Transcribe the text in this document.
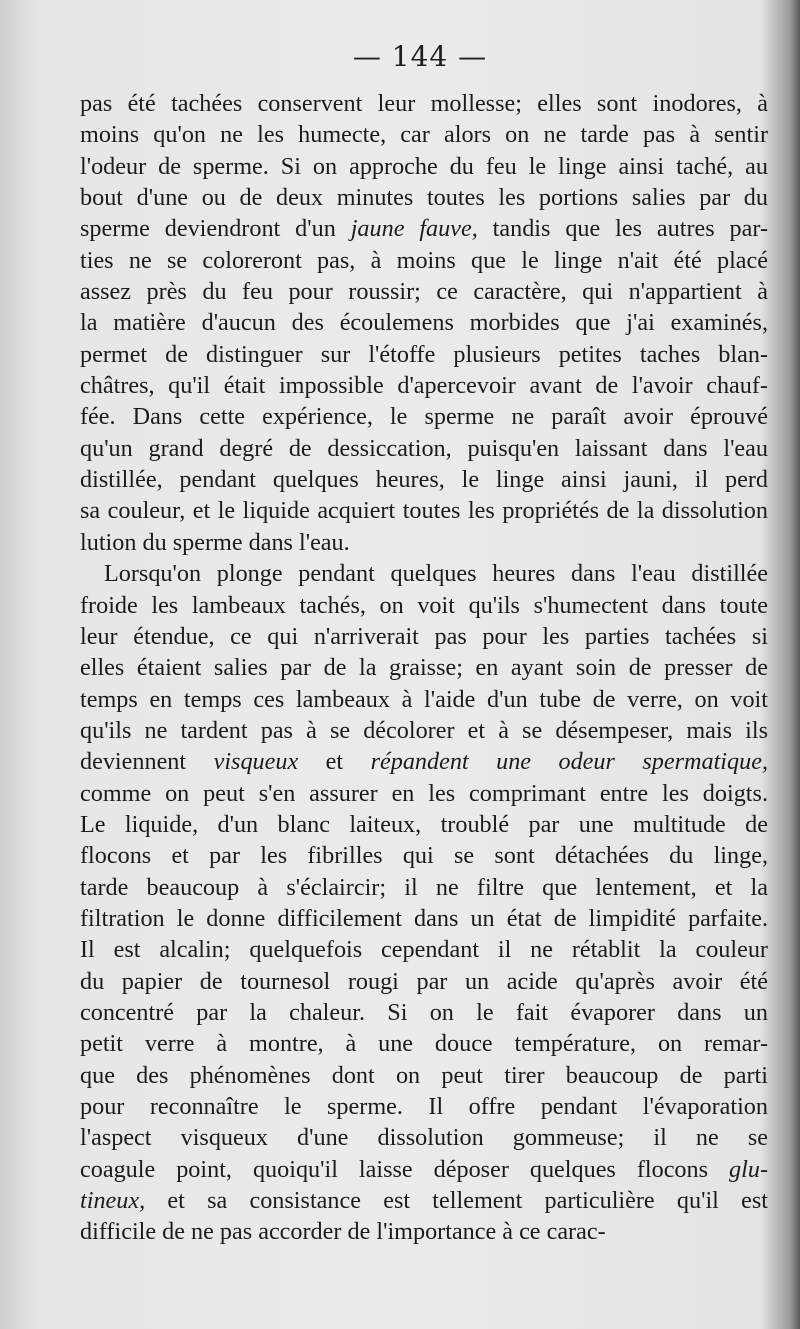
— 144 —
pas été tachées conservent leur mollesse; elles sont inodores, à
moins qu'on ne les humecte, car alors on ne tarde pas à sentir
l'odeur de sperme. Si on approche du feu le linge ainsi taché, au
bout d'une ou de deux minutes toutes les portions salies par du
sperme deviendront d'un jaune fauve, tandis que les autres par-
ties ne se coloreront pas, à moins que le linge n'ait été placé
assez près du feu pour roussir; ce caractère, qui n'appartient à
la matière d'aucun des écoulemens morbides que j'ai examinés,
permet de distinguer sur l'étoffe plusieurs petites taches blan-
châtres, qu'il était impossible d'apercevoir avant de l'avoir chauf-
fée. Dans cette expérience, le sperme ne paraît avoir éprouvé
qu'un grand degré de dessiccation, puisqu'en laissant dans l'eau
distillée, pendant quelques heures, le linge ainsi jauni, il perd
sa couleur, et le liquide acquiert toutes les propriétés de la dissolution
lution du sperme dans l'eau.
Lorsqu'on plonge pendant quelques heures dans l'eau distillée
froide les lambeaux tachés, on voit qu'ils s'humectent dans toute
leur étendue, ce qui n'arriverait pas pour les parties tachées si
elles étaient salies par de la graisse; en ayant soin de presser de
temps en temps ces lambeaux à l'aide d'un tube de verre, on voit
qu'ils ne tardent pas à se décolorer et à se désempeser, mais ils
deviennent visqueux et répandent une odeur spermatique,
comme on peut s'en assurer en les comprimant entre les doigts.
Le liquide, d'un blanc laiteux, troublé par une multitude de
flocons et par les fibrilles qui se sont détachées du linge,
tarde beaucoup à s'éclaircir; il ne filtre que lentement, et la
filtration le donne difficilement dans un état de limpidité parfaite.
Il est alcalin; quelquefois cependant il ne rétablit la couleur
du papier de tournesol rougi par un acide qu'après avoir été
concentré par la chaleur. Si on le fait évaporer dans un
petit verre à montre, à une douce température, on remar-
que des phénomènes dont on peut tirer beaucoup de parti
pour reconnaître le sperme. Il offre pendant l'évaporation
l'aspect visqueux d'une dissolution gommeuse; il ne se
coagule point, quoiqu'il laisse déposer quelques flocons glu-
tineux, et sa consistance est tellement particulière qu'il est
difficile de ne pas accorder de l'importance à ce carac-
